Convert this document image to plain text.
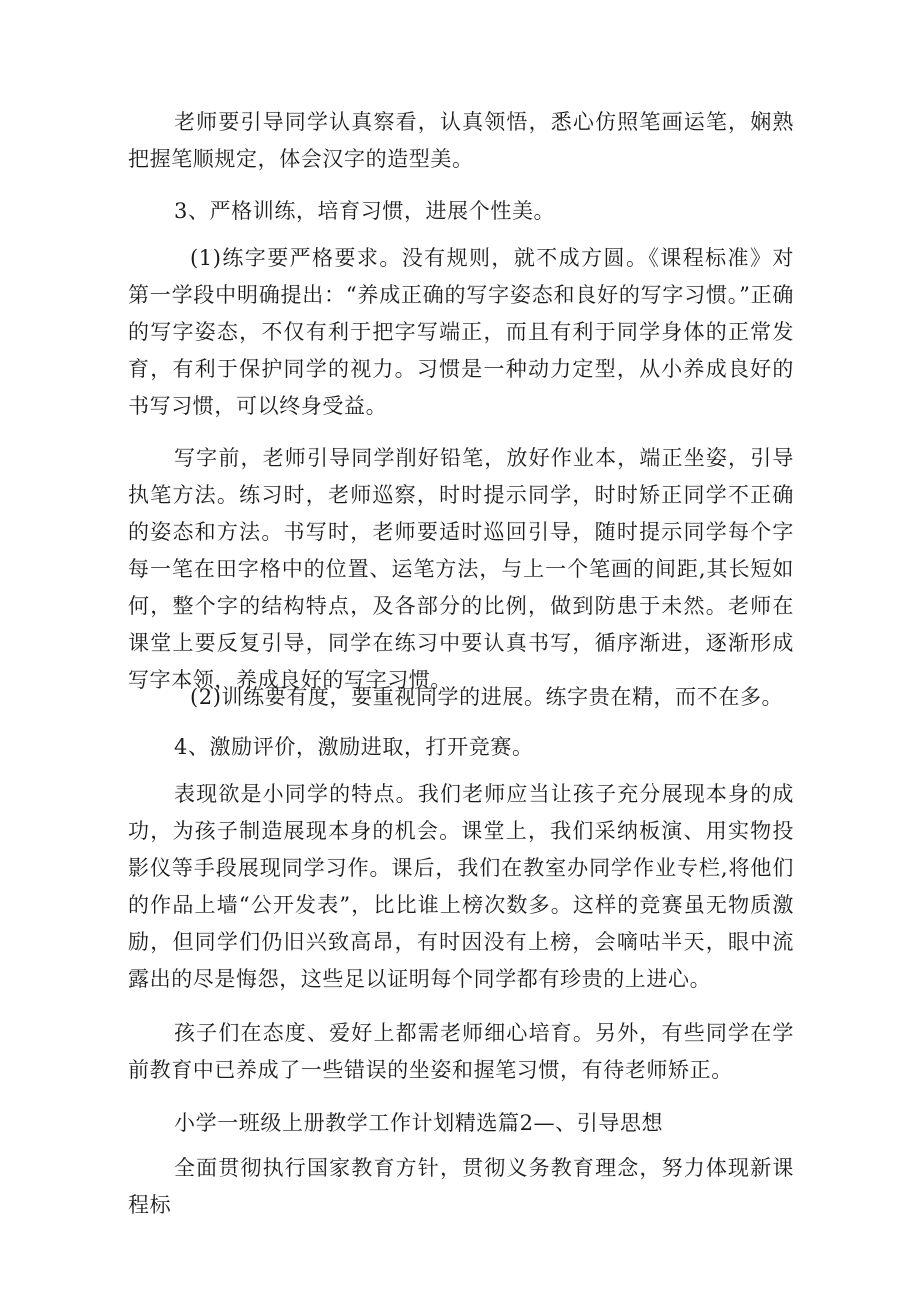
老师要引导同学认真察看，认真领悟，悉心仿照笔画运笔，娴熟把握笔顺规定，体会汉字的造型美。

3、严格训练，培育习惯，进展个性美。

(1)练字要严格要求。没有规则，就不成方圆。《课程标准》对第一学段中明确提出：“养成正确的写字姿态和良好的写字习惯。”正确的写字姿态，不仅有利于把字写端正，而且有利于同学身体的正常发育，有利于保护同学的视力。习惯是一种动力定型，从小养成良好的书写习惯，可以终身受益。

写字前，老师引导同学削好铅笔，放好作业本，端正坐姿，引导执笔方法。练习时，老师巡察，时时提示同学，时时矫正同学不正确的姿态和方法。书写时，老师要适时巡回引导，随时提示同学每个字每一笔在田字格中的位置、运笔方法，与上一个笔画的间距,其长短如何，整个字的结构特点，及各部分的比例，做到防患于未然。老师在课堂上要反复引导，同学在练习中要认真书写，循序渐进，逐渐形成写字本领，养成良好的写字习惯。

(2)训练要有度，要重视同学的进展。练字贵在精，而不在多。

4、激励评价，激励进取，打开竞赛。

表现欲是小同学的特点。我们老师应当让孩子充分展现本身的成功，为孩子制造展现本身的机会。课堂上，我们采纳板演、用实物投影仪等手段展现同学习作。课后，我们在教室办同学作业专栏,将他们的作品上墙“公开发表”，比比谁上榜次数多。这样的竞赛虽无物质激励，但同学们仍旧兴致高昂，有时因没有上榜，会嘀咕半天，眼中流露出的尽是悔怨，这些足以证明每个同学都有珍贵的上进心。

孩子们在态度、爱好上都需老师细心培育。另外，有些同学在学前教育中已养成了一些错误的坐姿和握笔习惯，有待老师矫正。

小学一班级上册教学工作计划精选篇2—、引导思想

全面贯彻执行国家教育方针，贯彻义务教育理念，努力体现新课程标
